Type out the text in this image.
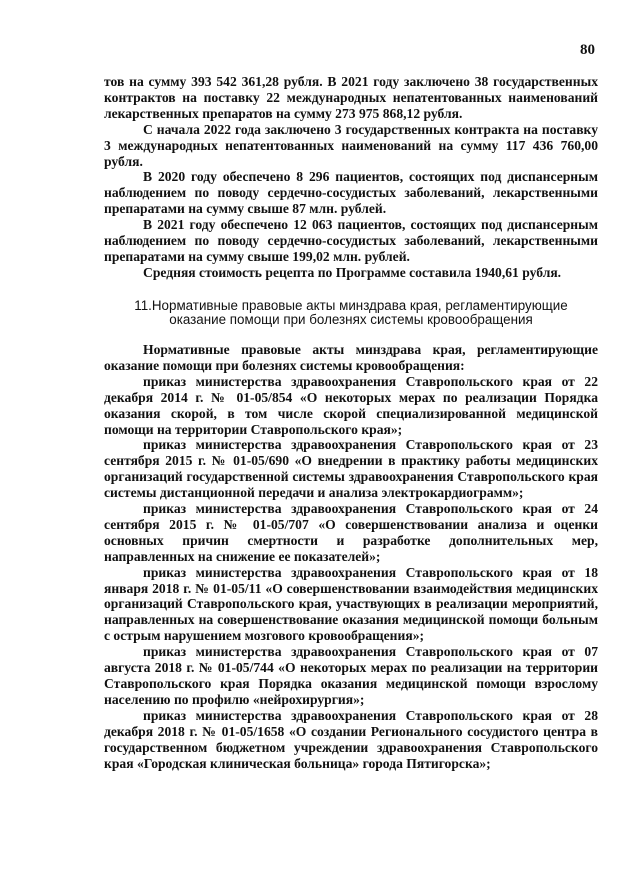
80

тов на сумму 393 542 361,28 рубля. В 2021 году заключено 38 государственных контрактов на поставку 22 международных непатентованных наименований лекарственных препаратов на сумму 273 975 868,12 рубля.

С начала 2022 года заключено 3 государственных контракта на поставку 3 международных непатентованных наименований на сумму 117 436 760,00 рубля.

В 2020 году обеспечено 8 296 пациентов, состоящих под диспансерным наблюдением по поводу сердечно-сосудистых заболеваний, лекарственными препаратами на сумму свыше 87 млн. рублей.

В 2021 году обеспечено 12 063 пациентов, состоящих под диспансерным наблюдением по поводу сердечно-сосудистых заболеваний, лекарственными препаратами на сумму свыше 199,02 млн. рублей.

Средняя стоимость рецепта по Программе составила 1940,61 рубля.

11.Нормативные правовые акты минздрава края, регламентирующие
оказание помощи при болезнях системы кровообращения

Нормативные правовые акты минздрава края, регламентирующие оказание помощи при болезнях системы кровообращения:

приказ министерства здравоохранения Ставропольского края от 22 декабря 2014 г. № 01-05/854 «О некоторых мерах по реализации Порядка оказания скорой, в том числе скорой специализированной медицинской помощи на территории Ставропольского края»;

приказ министерства здравоохранения Ставропольского края от 23 сентября 2015 г. № 01-05/690 «О внедрении в практику работы медицинских организаций государственной системы здравоохранения Ставропольского края системы дистанционной передачи и анализа электрокардиограмм»;

приказ министерства здравоохранения Ставропольского края от 24 сентября 2015 г. № 01-05/707 «О совершенствовании анализа и оценки основных причин смертности и разработке дополнительных мер, направленных на снижение ее показателей»;

приказ министерства здравоохранения Ставропольского края от 18 января 2018 г. № 01-05/11 «О совершенствовании взаимодействия медицинских организаций Ставропольского края, участвующих в реализации мероприятий, направленных на совершенствование оказания медицинской помощи больным с острым нарушением мозгового кровообращения»;

приказ министерства здравоохранения Ставропольского края от 07 августа 2018 г. № 01-05/744 «О некоторых мерах по реализации на территории Ставропольского края Порядка оказания медицинской помощи взрослому населению по профилю «нейрохирургия»;

приказ министерства здравоохранения Ставропольского края от 28 декабря 2018 г. № 01-05/1658 «О создании Регионального сосудистого центра в государственном бюджетном учреждении здравоохранения Ставропольского края «Городская клиническая больница» города Пятигорска»;
